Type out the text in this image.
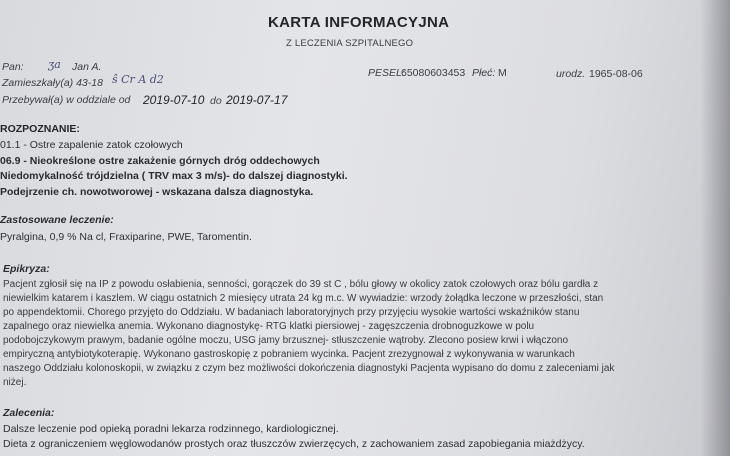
KARTA INFORMACYJNA
Z LECZENIA SZPITALNEGO
Pan: ʒa Jan A.	PESEL:
65080603453 Płeć: M	urodz. 1965-08-06
Zamieszkały(a) 43-18 ŝ Cr A d2
Przebywał(a) w oddziale od 2019-07-10 do 2019-07-17
ROZPOZNANIE:
01.1 - Ostre zapalenie zatok czołowych
06.9 - Nieokreślone ostre zakażenie górnych dróg oddechowych
Niedomykalność trójdzielna ( TRV max 3 m/s)- do dalszej diagnostyki.
Podejrzenie ch. nowotworowej - wskazana dalsza diagnostyka.
Zastosowane leczenie:
Pyralgina, 0,9 % Na cl, Fraxiparine, PWE, Taromentin.
Epikryza:
Pacjent zgłosił się na IP z powodu osłabienia, senności, gorączek do 39 st C , bólu głowy w okolicy zatok czołowych oraz bólu gardła z
niewielkim katarem i kaszlem. W ciągu ostatnich 2 miesięcy utrata 24 kg m.c. W wywiadzie: wrzody żołądka leczone w przeszłości, stan
po appendektomii. Chorego przyjęto do Oddziału. W badaniach laboratoryjnych przy przyjęciu wysokie wartości wskaźników stanu
zapalnego oraz niewielka anemia. Wykonano diagnostykę- RTG klatki piersiowej - zagęszczenia drobnoguzkowe w polu
podobojczykowym prawym, badanie ogólne moczu, USG jamy brzusznej- stłuszczenie wątroby. Zlecono posiew krwi i włączono
empiryczną antybiotykoterapię. Wykonano gastroskopię z pobraniem wycinka. Pacjent zrezygnował z wykonywania w warunkach
naszego Oddziału kolonoskopii, w związku z czym bez możliwości dokończenia diagnostyki Pacjenta wypisano do domu z zaleceniami jak
niżej.
Zalecenia:
Dalsze leczenie pod opieką poradni lekarza rodzinnego, kardiologicznej.
Dieta z ograniczeniem węglowodanów prostych oraz tłuszczów zwierzęcych, z zachowaniem zasad zapobiegania miażdżycy.
